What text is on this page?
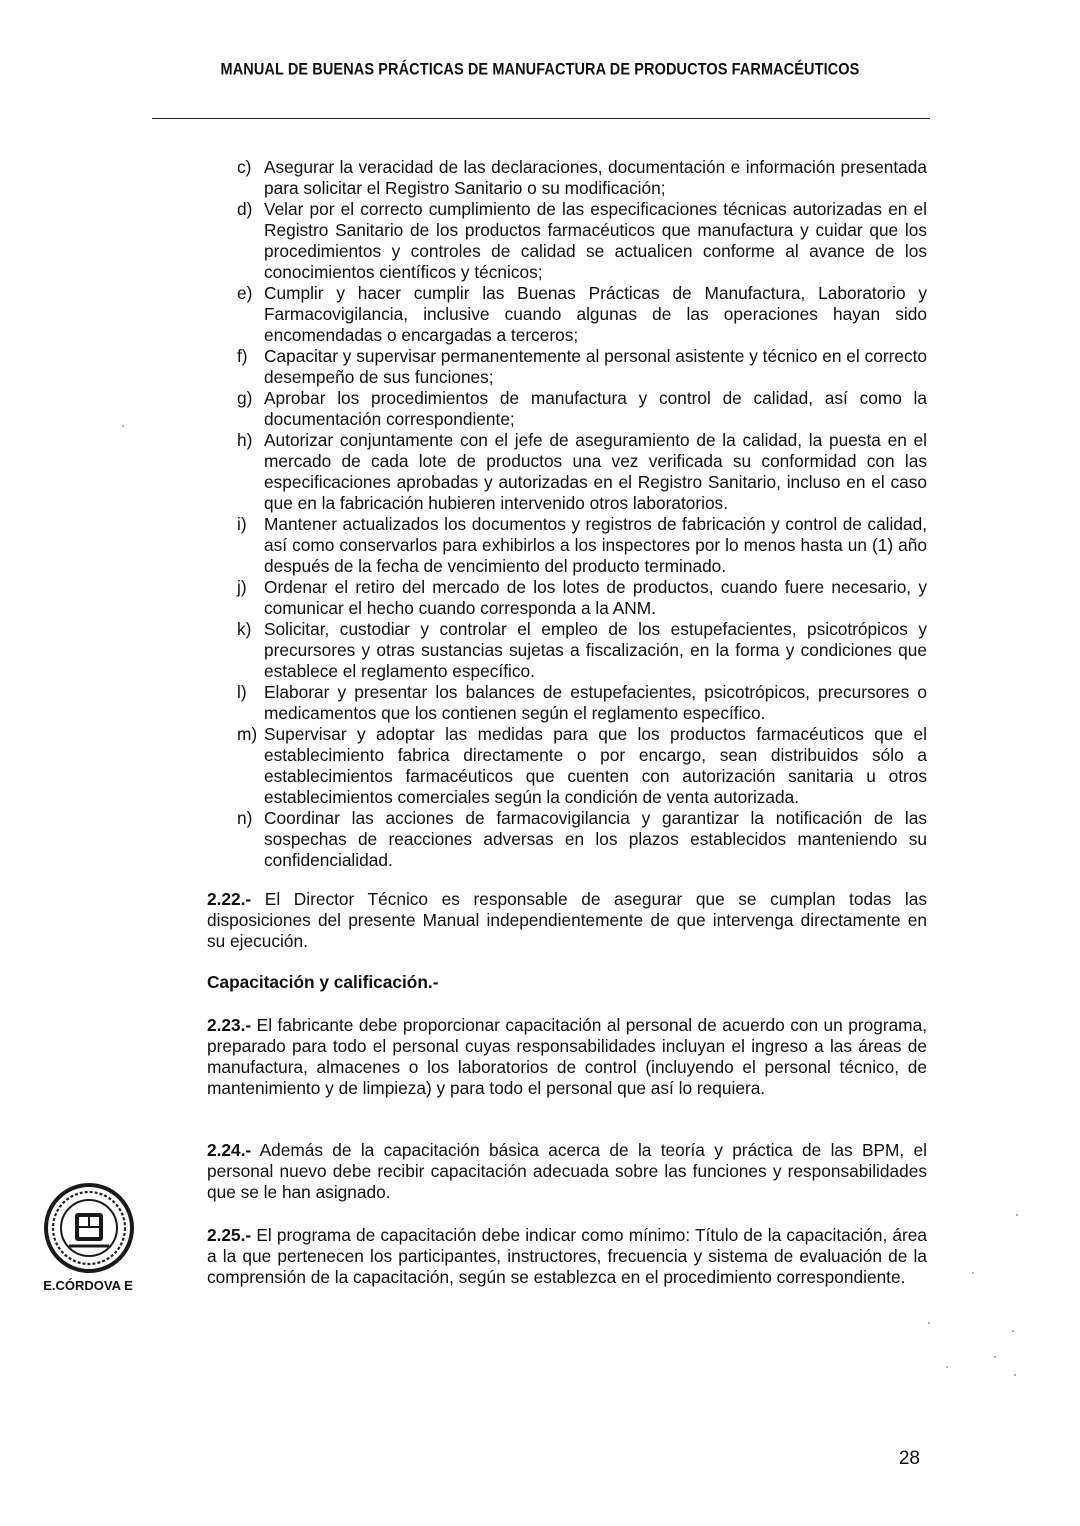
MANUAL DE BUENAS PRÁCTICAS DE MANUFACTURA DE PRODUCTOS FARMACÉUTICOS
c) Asegurar la veracidad de las declaraciones, documentación e información presentada para solicitar el Registro Sanitario o su modificación;
d) Velar por el correcto cumplimiento de las especificaciones técnicas autorizadas en el Registro Sanitario de los productos farmacéuticos que manufactura y cuidar que los procedimientos y controles de calidad se actualicen conforme al avance de los conocimientos científicos y técnicos;
e) Cumplir y hacer cumplir las Buenas Prácticas de Manufactura, Laboratorio y Farmacovigilancia, inclusive cuando algunas de las operaciones hayan sido encomendadas o encargadas a terceros;
f) Capacitar y supervisar permanentemente al personal asistente y técnico en el correcto desempeño de sus funciones;
g) Aprobar los procedimientos de manufactura y control de calidad, así como la documentación correspondiente;
h) Autorizar conjuntamente con el jefe de aseguramiento de la calidad, la puesta en el mercado de cada lote de productos una vez verificada su conformidad con las especificaciones aprobadas y autorizadas en el Registro Sanitario, incluso en el caso que en la fabricación hubieren intervenido otros laboratorios.
i) Mantener actualizados los documentos y registros de fabricación y control de calidad, así como conservarlos para exhibirlos a los inspectores por lo menos hasta un (1) año después de la fecha de vencimiento del producto terminado.
j) Ordenar el retiro del mercado de los lotes de productos, cuando fuere necesario, y comunicar el hecho cuando corresponda a la ANM.
k) Solicitar, custodiar y controlar el empleo de los estupefacientes, psicotrópicos y precursores y otras sustancias sujetas a fiscalización, en la forma y condiciones que establece el reglamento específico.
l) Elaborar y presentar los balances de estupefacientes, psicotrópicos, precursores o medicamentos que los contienen según el reglamento específico.
m) Supervisar y adoptar las medidas para que los productos farmacéuticos que el establecimiento fabrica directamente o por encargo, sean distribuidos sólo a establecimientos farmacéuticos que cuenten con autorización sanitaria u otros establecimientos comerciales según la condición de venta autorizada.
n) Coordinar las acciones de farmacovigilancia y garantizar la notificación de las sospechas de reacciones adversas en los plazos establecidos manteniendo su confidencialidad.

2.22.- El Director Técnico es responsable de asegurar que se cumplan todas las disposiciones del presente Manual independientemente de que intervenga directamente en su ejecución.

Capacitación y calificación.-

2.23.- El fabricante debe proporcionar capacitación al personal de acuerdo con un programa, preparado para todo el personal cuyas responsabilidades incluyan el ingreso a las áreas de manufactura, almacenes o los laboratorios de control (incluyendo el personal técnico, de mantenimiento y de limpieza) y para todo el personal que así lo requiera.

2.24.- Además de la capacitación básica acerca de la teoría y práctica de las BPM, el personal nuevo debe recibir capacitación adecuada sobre las funciones y responsabilidades que se le han asignado.

2.25.- El programa de capacitación debe indicar como mínimo: Título de la capacitación, área a la que pertenecen los participantes, instructores, frecuencia y sistema de evaluación de la comprensión de la capacitación, según se establezca en el procedimiento correspondiente.

E.CÓRDOVA E
28
